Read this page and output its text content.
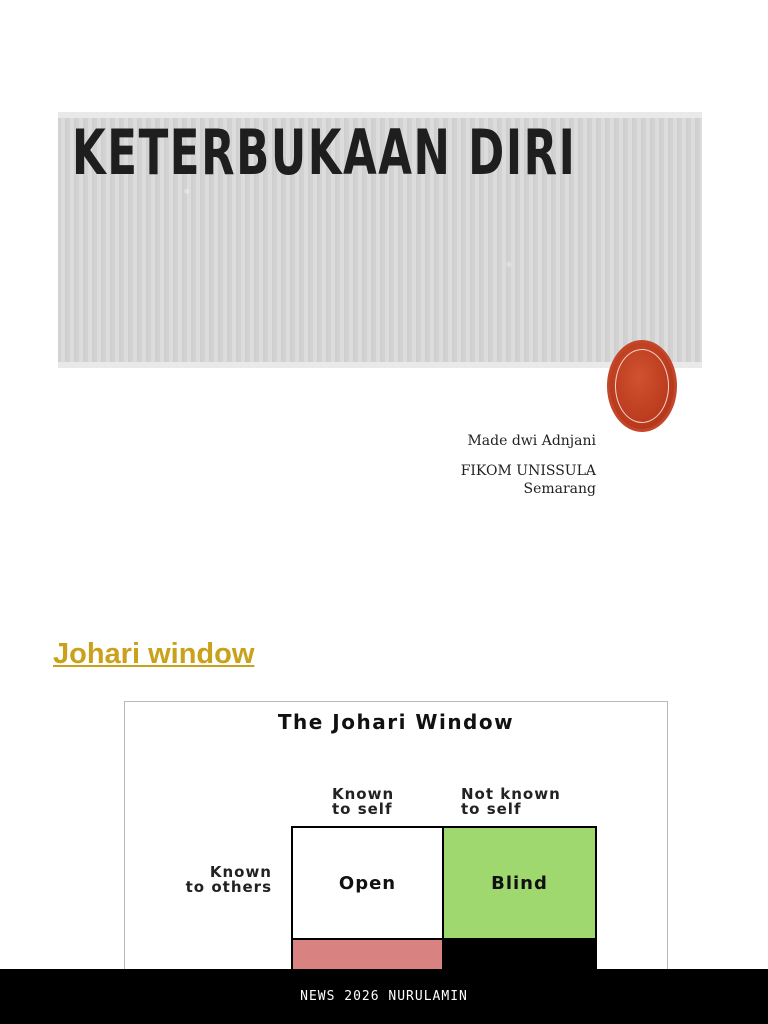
KETERBUKAAN DIRI
Made dwi Adnjani
FIKOM UNISSULA
Semarang
Johari window
The Johari Window
Known
to self
Not known
to self
Known
to others	Open	Blind
NEWS 2026 NURULAMIN
